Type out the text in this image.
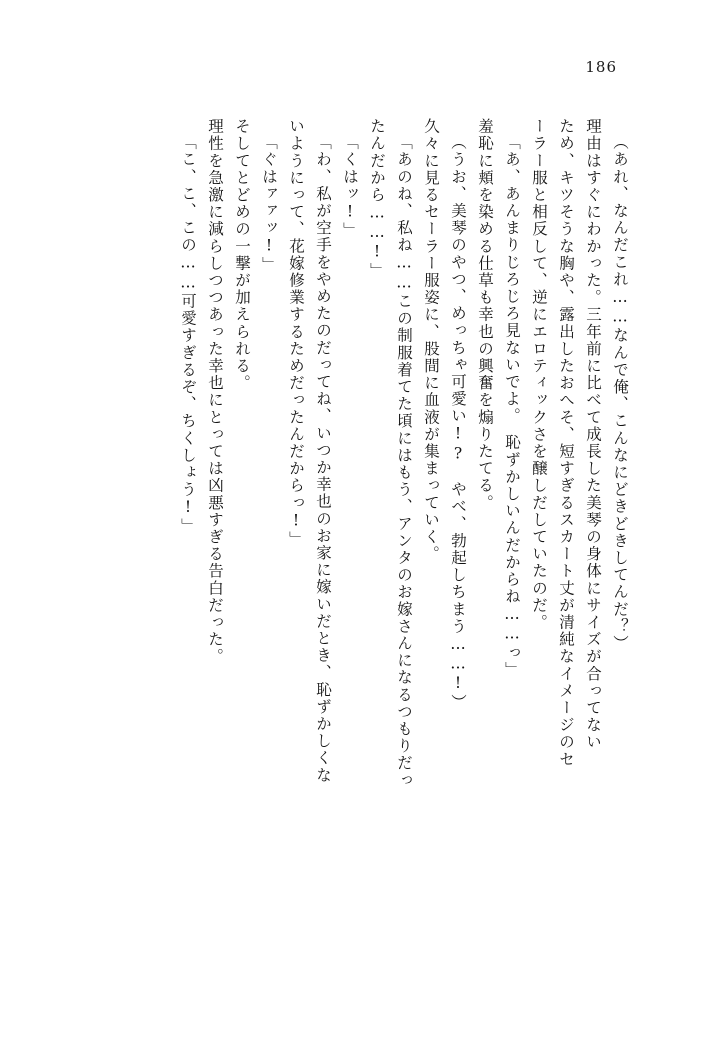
186
（あれ、なんだこれ……なんで俺、こんなにどきどきしてんだ？）
理由はすぐにわかった。三年前に比べて成長した美琴の身体にサイズが合ってない
ため、キツそうな胸や、露出したおへそ、短すぎるスカート丈が清純なイメージのセ
ーラー服と相反して、逆にエロティックさを醸しだしていたのだ。
「あ、あんまりじろじろ見ないでよ。　恥ずかしいんだからね……っ」
羞恥に頬を染める仕草も幸也の興奮を煽りたてる。
（うお、美琴のやつ、めっちゃ可愛い!?　やべ、勃起しちまう……!）
久々に見るセーラー服姿に、股間に血液が集まっていく。
「あのね、私ね……この制服着てた頃にはもう、アンタのお嫁さんになるつもりだっ
たんだから……!」
「くはッ!」
「わ、私が空手をやめたのだってね、いつか幸也のお家に嫁いだとき、恥ずかしくな
いようにって、花嫁修業するためだったんだからっ!」
「ぐはァァッ!」
そしてとどめの一撃が加えられる。
理性を急激に減らしつつあった幸也にとっては凶悪すぎる告白だった。
「こ、こ、この……可愛すぎるぞ、ちくしょう!」
